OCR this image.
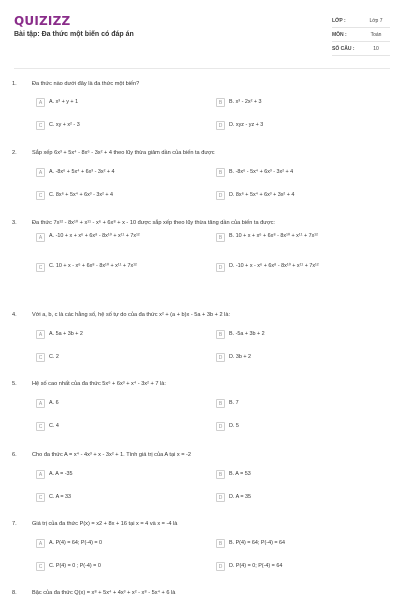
QUIZIZZ
Bài tập: Đa thức một biến có đáp án
LỚP :	Lớp 7
MÔN :	Toán
SỐ CÂU :	10
1.	Đa thức nào dưới đây là đa thức một biến?
A	A. x³ + y + 1	B	B. x³ - 2x² + 3
C	C. xy + x² - 3	D	D. xyz - yz + 3
2.	Sắp xếp 6x³ + 5x⁴ - 8x⁶ - 3x² + 4 theo lũy thừa giảm dần của biến ta được
A	A. -8x⁶ + 5x⁴ + 6x³ - 3x² + 4	B	B. -8x⁶ - 5x⁴ + 6x³ - 3x² + 4
C	C. 8x⁶ + 5x⁴ + 6x³ - 3x² + 4	D	D. 8x⁶ + 5x⁴ + 6x³ + 3x² + 4
3.	Đa thức 7x¹² - 8x¹⁰ + x¹¹ - x⁶ + 6x⁸ + x - 10 được sắp xếp theo lũy thừa tăng dần của biến ta được:
A	A. -10 + x + x⁶ + 6x⁸ - 8x¹⁰ + x¹¹ + 7x¹²	B	B. 10 + x + x⁶ + 6x⁸ - 8x¹⁰ + x¹¹ + 7x¹²
C	C. 10 + x - x⁶ + 6x⁸ - 8x¹⁰ + x¹¹ + 7x¹²	D	D. -10 + x - x⁶ + 6x⁸ - 8x¹⁰ + x¹¹ + 7x¹²
4.	Với a, b, c là các hằng số, hệ số tự do của đa thức x² + (a + b)x - 5a + 3b + 2 là:
A	A. 5a + 3b + 2	B	B. -5a + 3b + 2
C	C. 2	D	D. 3b + 2
5.	Hệ số cao nhất của đa thức 5x⁶ + 6x³ + x⁴ - 3x² + 7 là:
A	A. 6	B	B. 7
C	C. 4	D	D. 5
6.	Cho đa thức A = x⁴ - 4x³ + x - 3x² + 1. Tính giá trị của A tại x = -2
A	A. A = -35	B	B. A = 53
C	C. A = 33	D	D. A = 35
7.	Giá trị của đa thức P(x) = x2 + 8x + 16 tại x = 4 và x = -4 là
A	A. P(4) = 64; P(-4) = 0	B	B. P(4) = 64; P(-4) = 64
C	C. P(4) = 0 ; P(-4) = 0	D	D. P(4) = 0; P(-4) = 64
8.	Bậc của đa thức Q(x) = x⁸ + 5x⁴ + 4x³ + x² - x⁸ - 5x⁴ + 6 là
